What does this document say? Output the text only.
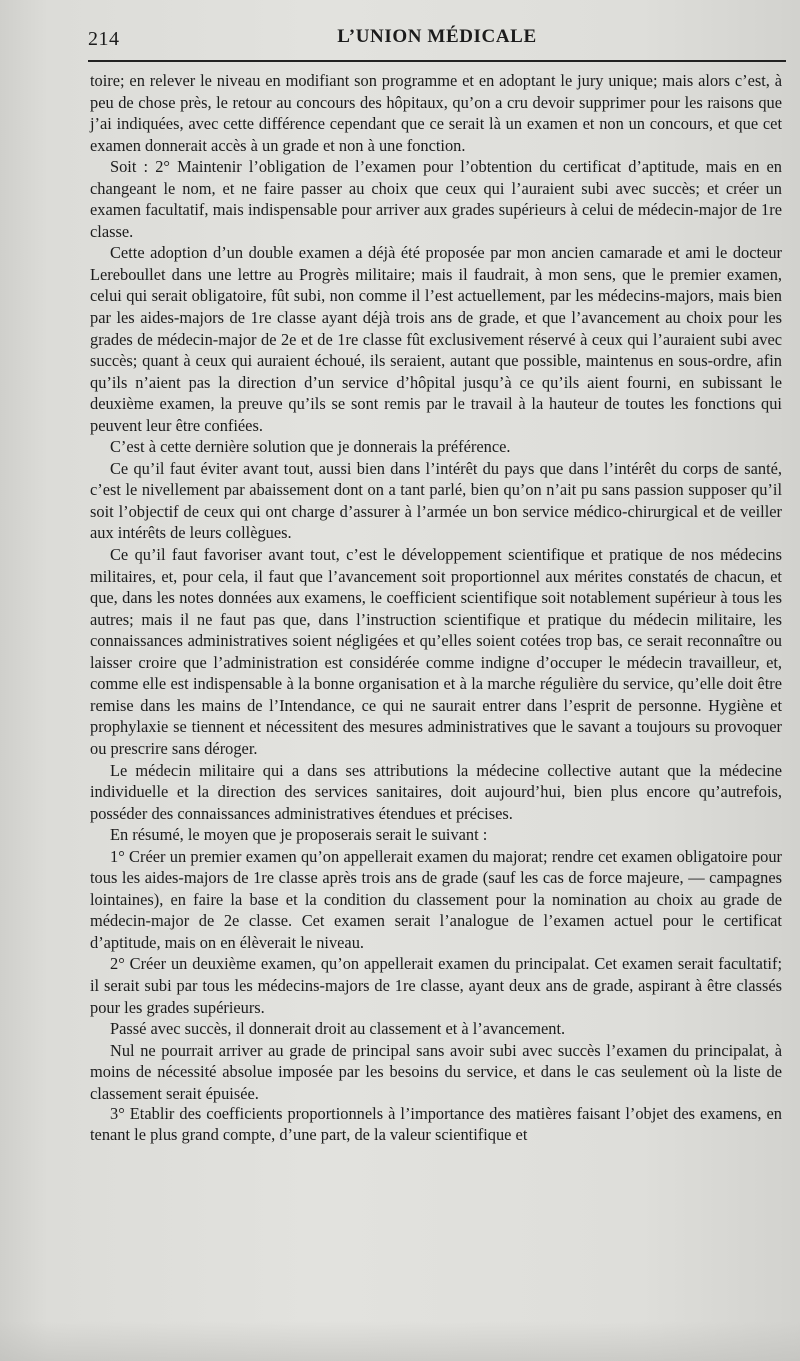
214	L’UNION MÉDICALE

toire; en relever le niveau en modifiant son programme et en adoptant le jury unique; mais alors c’est, à peu de chose près, le retour au concours des hôpitaux, qu’on a cru devoir supprimer pour les raisons que j’ai indiquées, avec cette différence cependant que ce serait là un examen et non un concours, et que cet examen donnerait accès à un grade et non à une fonction.

Soit : 2° Maintenir l’obligation de l’examen pour l’obtention du certificat d’aptitude, mais en en changeant le nom, et ne faire passer au choix que ceux qui l’auraient subi avec succès; et créer un examen facultatif, mais indispensable pour arriver aux grades supérieurs à celui de médecin-major de 1re classe.

Cette adoption d’un double examen a déjà été proposée par mon ancien camarade et ami le docteur Lereboullet dans une lettre au Progrès militaire; mais il faudrait, à mon sens, que le premier examen, celui qui serait obligatoire, fût subi, non comme il l’est actuellement, par les médecins-majors, mais bien par les aides-majors de 1re classe ayant déjà trois ans de grade, et que l’avancement au choix pour les grades de médecin-major de 2e et de 1re classe fût exclusivement réservé à ceux qui l’auraient subi avec succès; quant à ceux qui auraient échoué, ils seraient, autant que possible, maintenus en sous-ordre, afin qu’ils n’aient pas la direction d’un service d’hôpital jusqu’à ce qu’ils aient fourni, en subissant le deuxième examen, la preuve qu’ils se sont remis par le travail à la hauteur de toutes les fonctions qui peuvent leur être confiées.

C’est à cette dernière solution que je donnerais la préférence.

Ce qu’il faut éviter avant tout, aussi bien dans l’intérêt du pays que dans l’intérêt du corps de santé, c’est le nivellement par abaissement dont on a tant parlé, bien qu’on n’ait pu sans passion supposer qu’il soit l’objectif de ceux qui ont charge d’assurer à l’armée un bon service médico-chirurgical et de veiller aux intérêts de leurs collègues.

Ce qu’il faut favoriser avant tout, c’est le développement scientifique et pratique de nos médecins militaires, et, pour cela, il faut que l’avancement soit proportionnel aux mérites constatés de chacun, et que, dans les notes données aux examens, le coefficient scientifique soit notablement supérieur à tous les autres; mais il ne faut pas que, dans l’instruction scientifique et pratique du médecin militaire, les connaissances administratives soient négligées et qu’elles soient cotées trop bas, ce serait reconnaître ou laisser croire que l’administration est considérée comme indigne d’occuper le médecin travailleur, et, comme elle est indispensable à la bonne organisation et à la marche régulière du service, qu’elle doit être remise dans les mains de l’Intendance, ce qui ne saurait entrer dans l’esprit de personne. Hygiène et prophylaxie se tiennent et nécessitent des mesures administratives que le savant a toujours su provoquer ou prescrire sans déroger.

Le médecin militaire qui a dans ses attributions la médecine collective autant que la médecine individuelle et la direction des services sanitaires, doit aujourd’hui, bien plus encore qu’autrefois, posséder des connaissances administratives étendues et précises.

En résumé, le moyen que je proposerais serait le suivant :

1° Créer un premier examen qu’on appellerait examen du majorat; rendre cet examen obligatoire pour tous les aides-majors de 1re classe après trois ans de grade (sauf les cas de force majeure, — campagnes lointaines), en faire la base et la condition du classement pour la nomination au choix au grade de médecin-major de 2e classe. Cet examen serait l’analogue de l’examen actuel pour le certificat d’aptitude, mais on en élèverait le niveau.

2° Créer un deuxième examen, qu’on appellerait examen du principalat. Cet examen serait facultatif; il serait subi par tous les médecins-majors de 1re classe, ayant deux ans de grade, aspirant à être classés pour les grades supérieurs.

Passé avec succès, il donnerait droit au classement et à l’avancement.

Nul ne pourrait arriver au grade de principal sans avoir subi avec succès l’examen du principalat, à moins de nécessité absolue imposée par les besoins du service, et dans le cas seulement où la liste de classement serait épuisée.

3° Etablir des coefficients proportionnels à l’importance des matières faisant l’objet des examens, en tenant le plus grand compte, d’une part, de la valeur scientifique et
